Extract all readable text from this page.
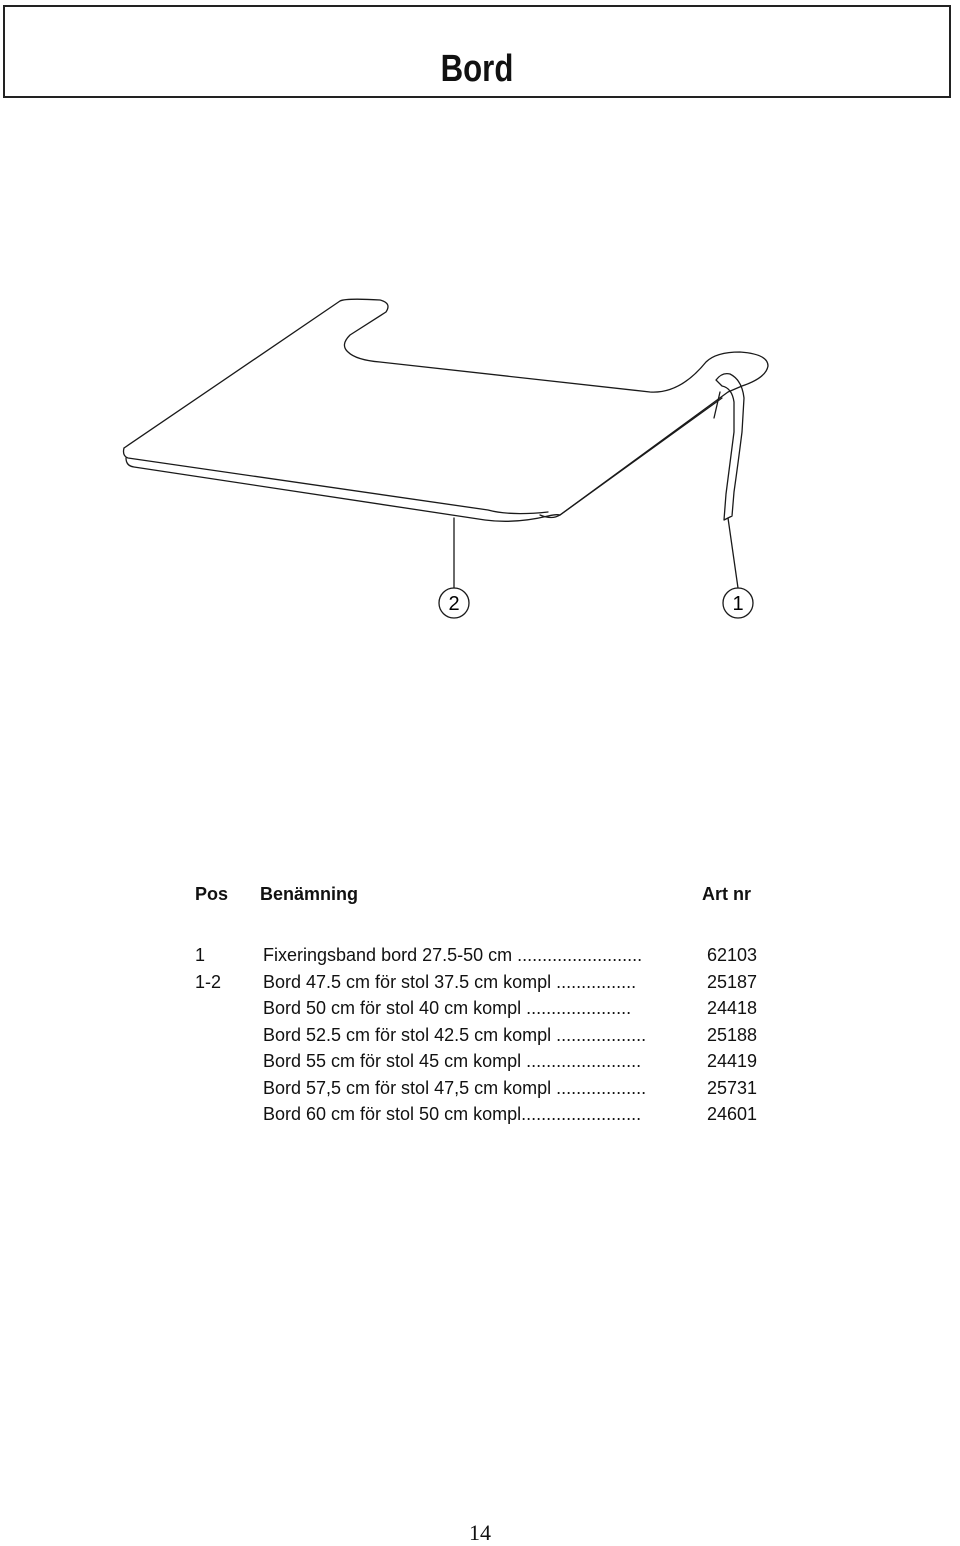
Bord
2	1
Pos Benämning	Art nr
1	Fixeringsband bord 27.5-50 cm .........................	62103
1-2 Bord 47.5 cm för stol 37.5 cm kompl ................	25187
Bord 50 cm för stol 40 cm kompl .....................	24418
Bord 52.5 cm för stol 42.5 cm kompl ..................	25188
Bord 55 cm för stol 45 cm kompl .......................	24419
Bord 57,5 cm för stol 47,5 cm kompl ..................	25731
Bord 60 cm för stol 50 cm kompl........................	24601
14
